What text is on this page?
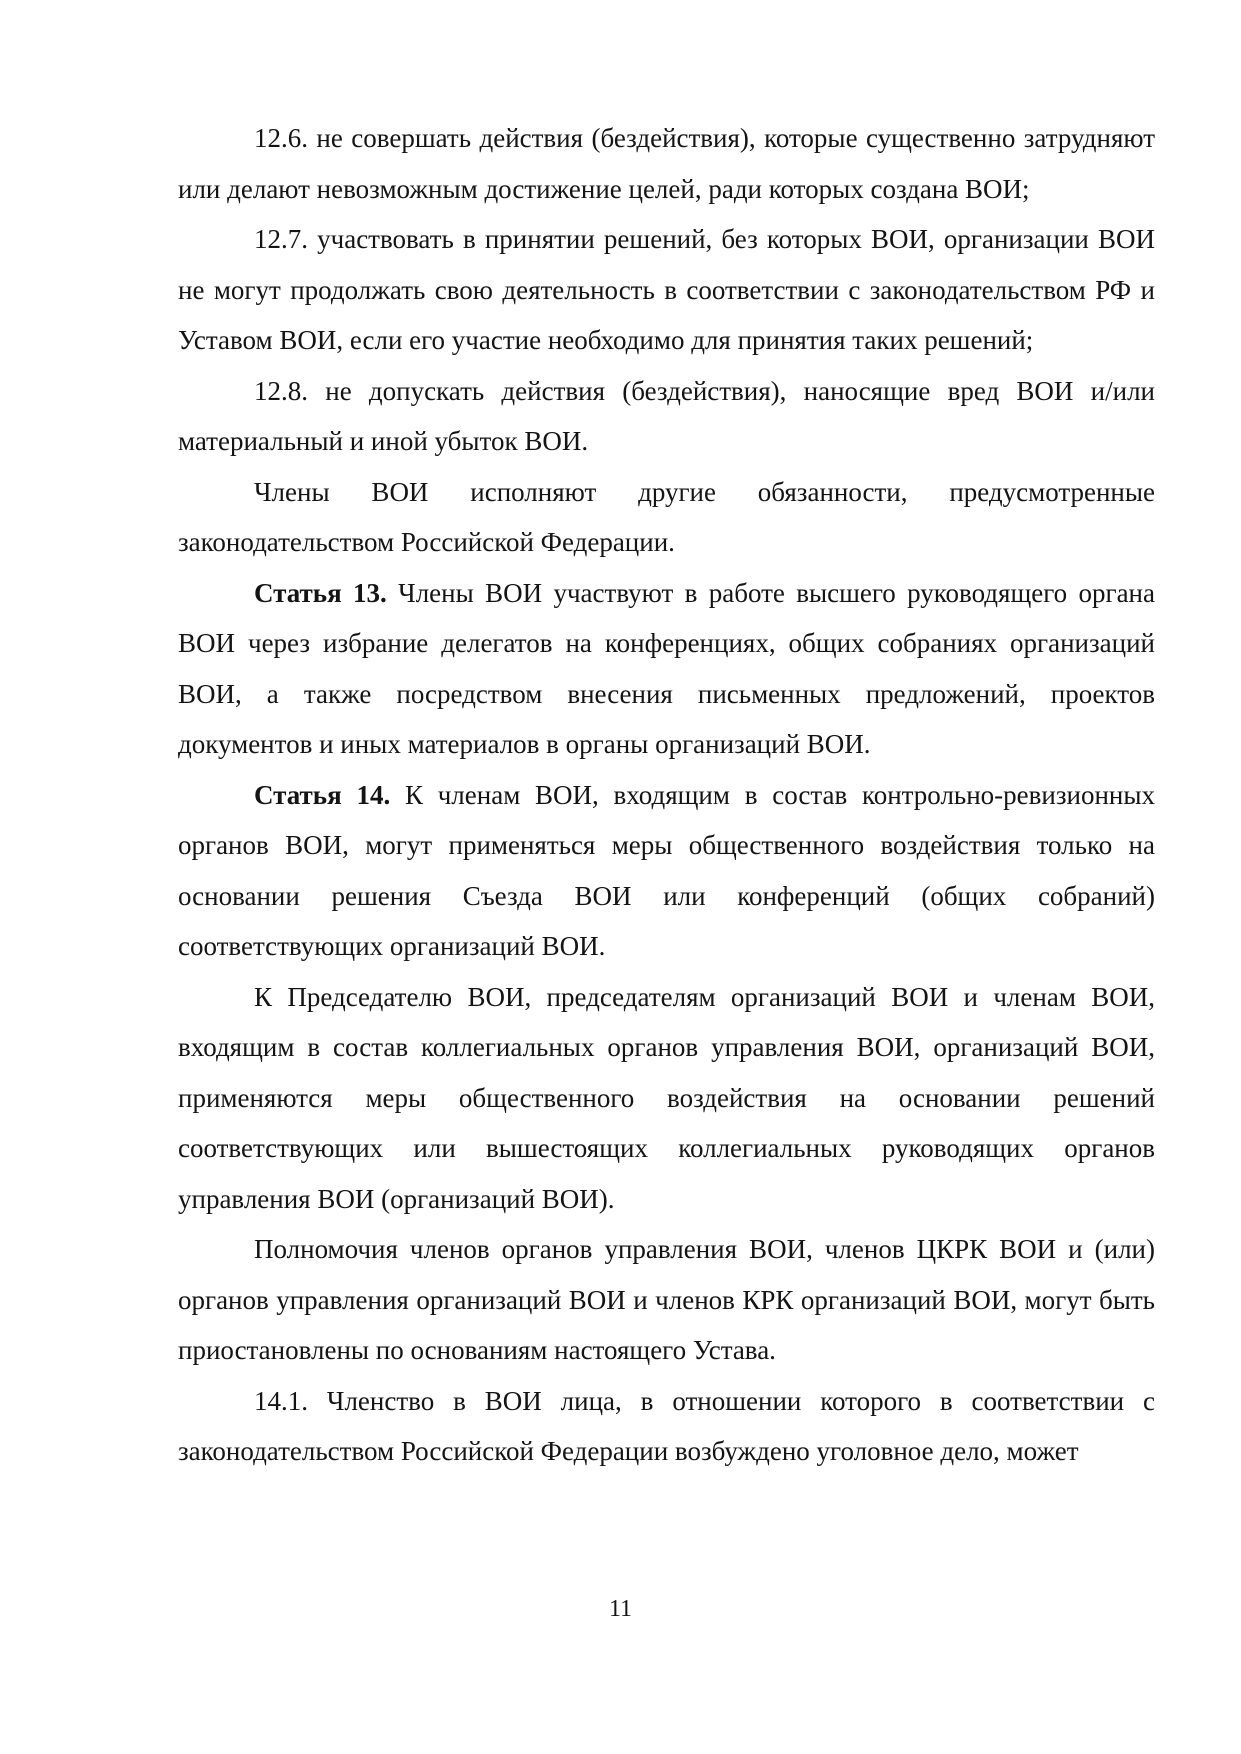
12.6. не совершать действия (бездействия), которые существенно затрудняют или делают невозможным достижение целей, ради которых создана ВОИ;

12.7. участвовать в принятии решений, без которых ВОИ, организации ВОИ не могут продолжать свою деятельность в соответствии с законодательством РФ и Уставом ВОИ, если его участие необходимо для принятия таких решений;

12.8. не допускать действия (бездействия), наносящие вред ВОИ и/или материальный и иной убыток ВОИ.

Члены ВОИ исполняют другие обязанности, предусмотренные законодательством Российской Федерации.

Статья 13. Члены ВОИ участвуют в работе высшего руководящего органа ВОИ через избрание делегатов на конференциях, общих собраниях организаций ВОИ, а также посредством внесения письменных предложений, проектов документов и иных материалов в органы организаций ВОИ.

Статья 14. К членам ВОИ, входящим в состав контрольно-ревизионных органов ВОИ, могут применяться меры общественного воздействия только на основании решения Съезда ВОИ или конференций (общих собраний) соответствующих организаций ВОИ.

К Председателю ВОИ, председателям организаций ВОИ и членам ВОИ, входящим в состав коллегиальных органов управления ВОИ, организаций ВОИ, применяются меры общественного воздействия на основании решений соответствующих или вышестоящих коллегиальных руководящих органов управления ВОИ (организаций ВОИ).

Полномочия членов органов управления ВОИ, членов ЦКРК ВОИ и (или) органов управления организаций ВОИ и членов КРК организаций ВОИ, могут быть приостановлены по основаниям настоящего Устава.

14.1. Членство в ВОИ лица, в отношении которого в соответствии с законодательством Российской Федерации возбуждено уголовное дело, может

11
